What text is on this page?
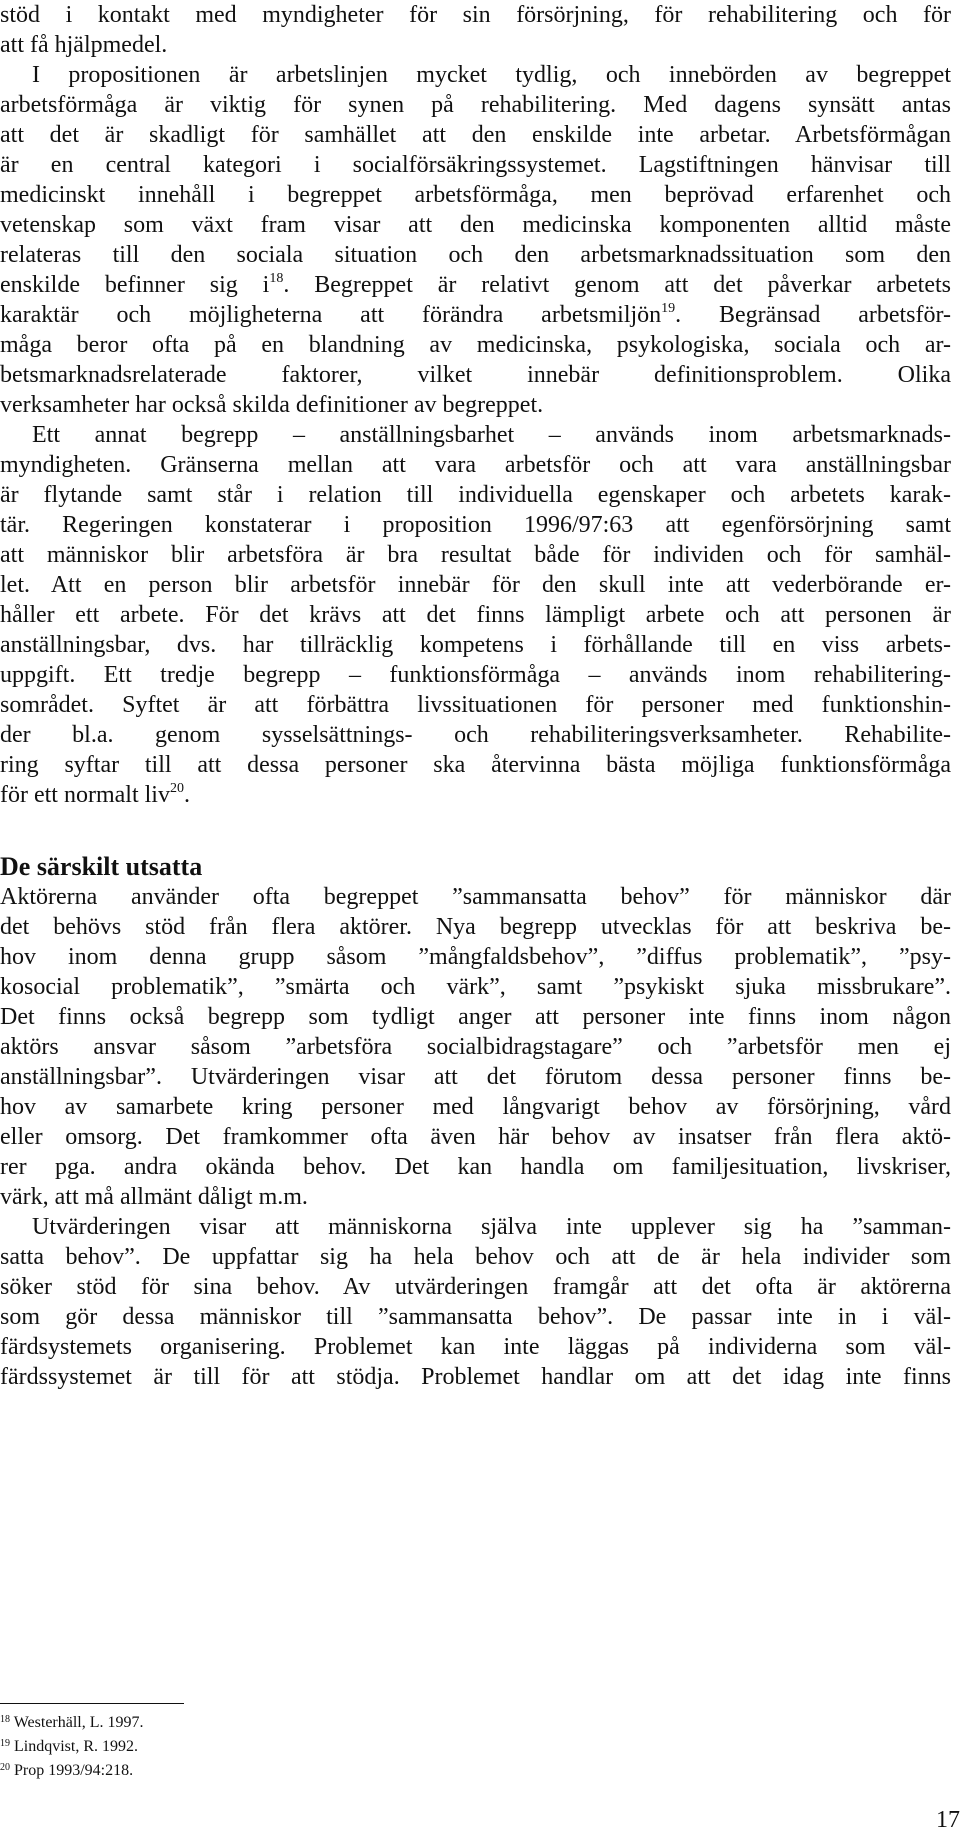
stöd i kontakt med myndigheter för sin försörjning, för rehabilitering och för
att få hjälpmedel.
I propositionen är arbetslinjen mycket tydlig, och innebörden av begreppet
arbetsförmåga är viktig för synen på rehabilitering. Med dagens synsätt antas
att det är skadligt för samhället att den enskilde inte arbetar. Arbetsförmågan
är en central kategori i socialförsäkringssystemet. Lagstiftningen hänvisar till
medicinskt innehåll i begreppet arbetsförmåga, men beprövad erfarenhet och
vetenskap som växt fram visar att den medicinska komponenten alltid måste
relateras till den sociala situation och den arbetsmarknadssituation som den
enskilde befinner sig $i^{18}$. Begreppet är relativt genom att det påverkar arbetets
karaktär och möjligheterna att förändra arbetsmiljön$^{19}$. Begränsad arbetsför-
måga beror ofta på en blandning av medicinska, psykologiska, sociala och ar-
betsmarknadsrelaterade faktorer, vilket innebär definitionsproblem. Olika
verksamheter har också skilda definitioner av begreppet.
Ett annat begrepp – anställningsbarhet – används inom arbetsmarknads-
myndigheten. Gränserna mellan att vara arbetsför och att vara anställningsbar
är flytande samt står i relation till individuella egenskaper och arbetets karak-
tär. Regeringen konstaterar i proposition 1996/97:63 att egenförsörjning samt
att människor blir arbetsföra är bra resultat både för individen och för samhäl-
let. Att en person blir arbetsför innebär för den skull inte att vederbörande er-
håller ett arbete. För det krävs att det finns lämpligt arbete och att personen är
anställningsbar, dvs. har tillräcklig kompetens i förhållande till en viss arbets-
uppgift. Ett tredje begrepp – funktionsförmåga – används inom rehabilitering-
sområdet. Syftet är att förbättra livssituationen för personer med funktionshin-
der bl.a. genom sysselsättnings- och rehabiliteringsverksamheter. Rehabilite-
ring syftar till att dessa personer ska återvinna bästa möjliga funktionsförmåga
för ett normalt liv$^{20}$.
De särskilt utsatta
Aktörerna använder ofta begreppet ”sammansatta behov” för människor där
det behövs stöd från flera aktörer. Nya begrepp utvecklas för att beskriva be-
hov inom denna grupp såsom ”mångfaldsbehov”, ”diffus problematik”, ”psy-
kosocial problematik”, ”smärta och värk”, samt ”psykiskt sjuka missbrukare”.
Det finns också begrepp som tydligt anger att personer inte finns inom någon
aktörs ansvar såsom ”arbetsföra socialbidragstagare” och ”arbetsför men ej
anställningsbar”. Utvärderingen visar att det förutom dessa personer finns be-
hov av samarbete kring personer med långvarigt behov av försörjning, vård
eller omsorg. Det framkommer ofta även här behov av insatser från flera aktö-
rer pga. andra okända behov. Det kan handla om familjesituation, livskriser,
värk, att må allmänt dåligt m.m.
Utvärderingen visar att människorna själva inte upplever sig ha ”samman-
satta behov”. De uppfattar sig ha hela behov och att de är hela individer som
söker stöd för sina behov. Av utvärderingen framgår att det ofta är aktörerna
som gör dessa människor till ”sammansatta behov”. De passar inte in i väl-
färdsystemets organisering. Problemet kan inte läggas på individerna som väl-
färdssystemet är till för att stödja. Problemet handlar om att det idag inte finns
$^{18}$ Westerhäll, L. 1997.
$^{19}$ Lindqvist, R. 1992.
$^{20}$ Prop 1993/94:218.
17
